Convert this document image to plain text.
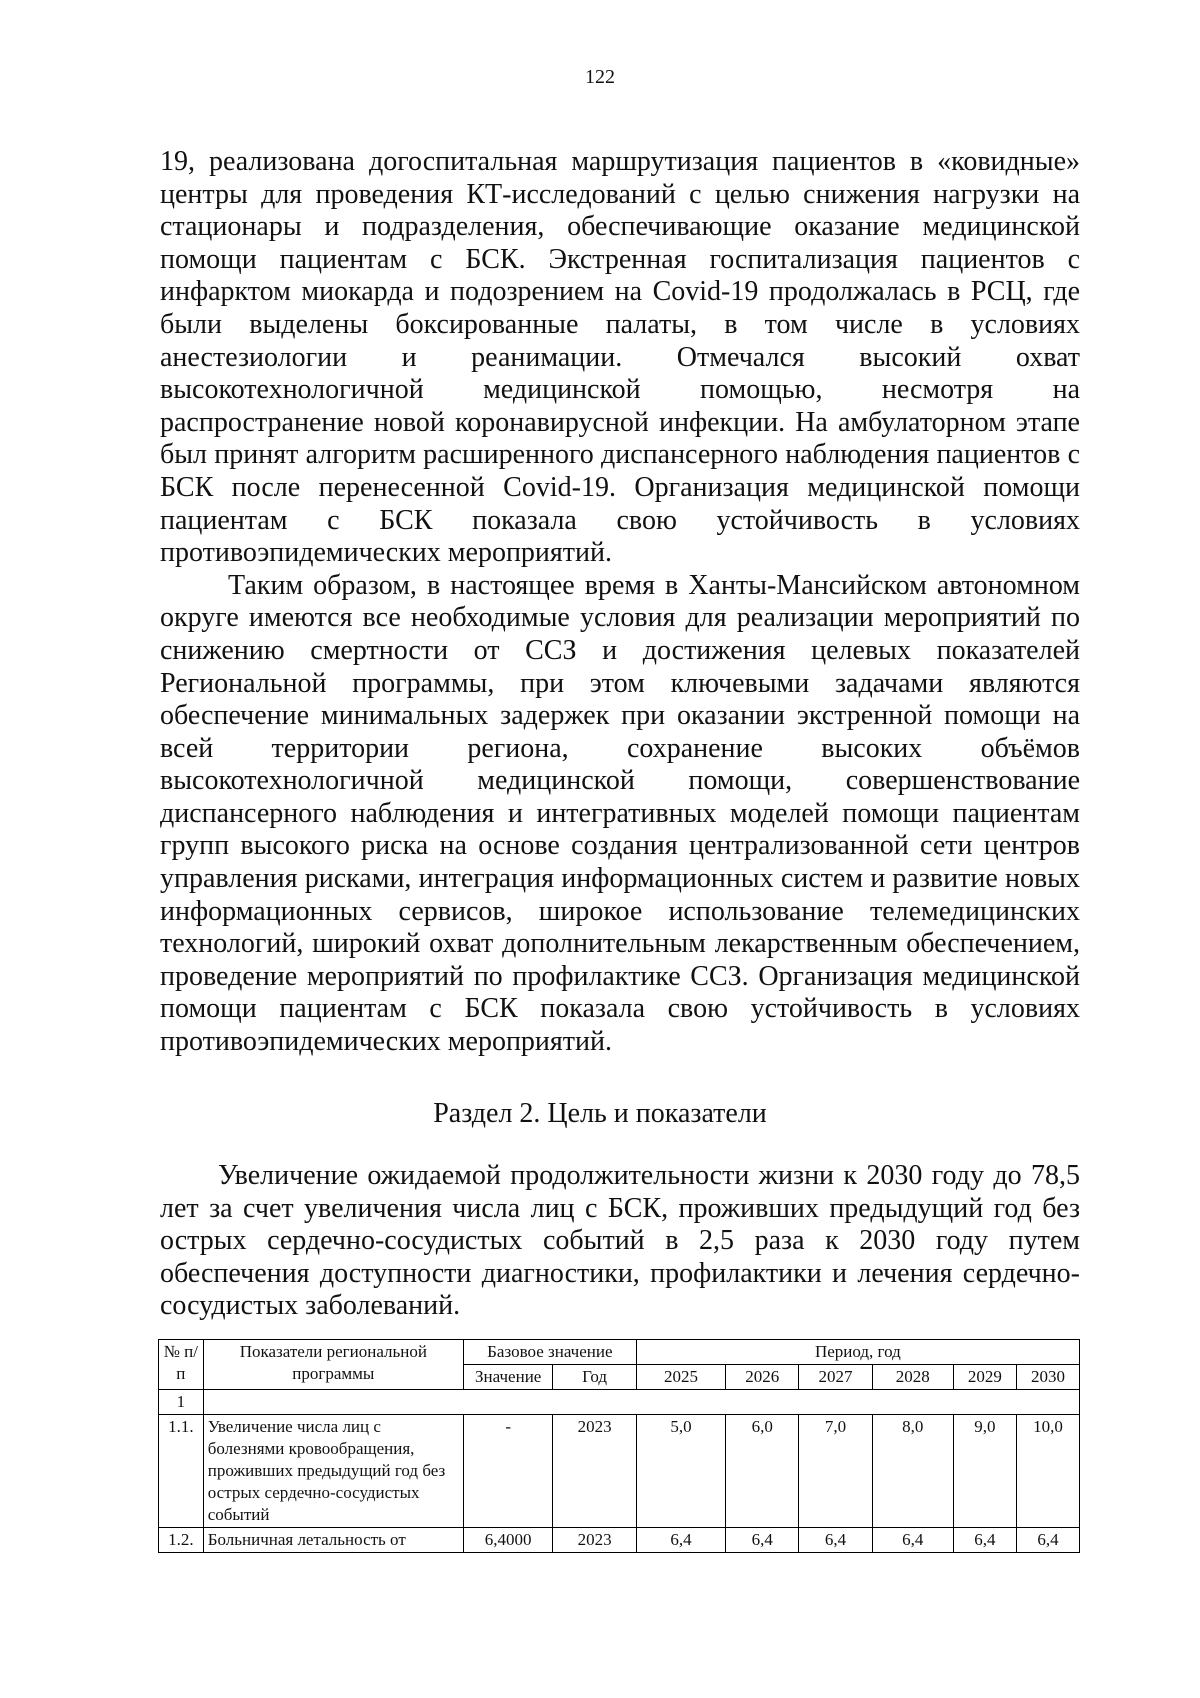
122

19, реализована догоспитальная маршрутизация пациентов в «ковидные» центры для проведения КТ-исследований с целью снижения нагрузки на стационары и подразделения, обеспечивающие оказание медицинской помощи пациентам с БСК. Экстренная госпитализация пациентов с инфарктом миокарда и подозрением на Covid-19 продолжалась в РСЦ, где были выделены боксированные палаты, в том числе в условиях анестезиологии и реанимации. Отмечался высокий охват высокотехнологичной медицинской помощью, несмотря на распространение новой коронавирусной инфекции. На амбулаторном этапе был принят алгоритм расширенного диспансерного наблюдения пациентов с БСК после перенесенной Covid-19. Организация медицинской помощи пациентам с БСК показала свою устойчивость в условиях противоэпидемических мероприятий.

Таким образом, в настоящее время в Ханты-Мансийском автономном округе имеются все необходимые условия для реализации мероприятий по снижению смертности от ССЗ и достижения целевых показателей Региональной программы, при этом ключевыми задачами являются обеспечение минимальных задержек при оказании экстренной помощи на всей территории региона, сохранение высоких объёмов высокотехнологичной медицинской помощи, совершенствование диспансерного наблюдения и интегративных моделей помощи пациентам групп высокого риска на основе создания централизованной сети центров управления рисками, интеграция информационных систем и развитие новых информационных сервисов, широкое использование телемедицинских технологий, широкий охват дополнительным лекарственным обеспечением, проведение мероприятий по профилактике ССЗ. Организация медицинской помощи пациентам с БСК показала свою устойчивость в условиях противоэпидемических мероприятий.

Раздел 2. Цель и показатели

Увеличение ожидаемой продолжительности жизни к 2030 году до 78,5 лет за счет увеличения числа лиц с БСК, проживших предыдущий год без острых сердечно-сосудистых событий в 2,5 раза к 2030 году путем обеспечения доступности диагностики, профилактики и лечения сердечно-сосудистых заболеваний.

№ п/п	Показатели региональной программы	Базовое значение		Период, год					
		Значение	Год	2025	2026	2027	2028	2029	2030
1									
1.1.	Увеличение числа лиц с болезнями кровообращения, проживших предыдущий год без острых сердечно-сосудистых событий	-	2023	5,0	6,0	7,0	8,0	9,0	10,0
1.2.	Больничная летальность от	6,4000	2023	6,4	6,4	6,4	6,4	6,4	6,4
